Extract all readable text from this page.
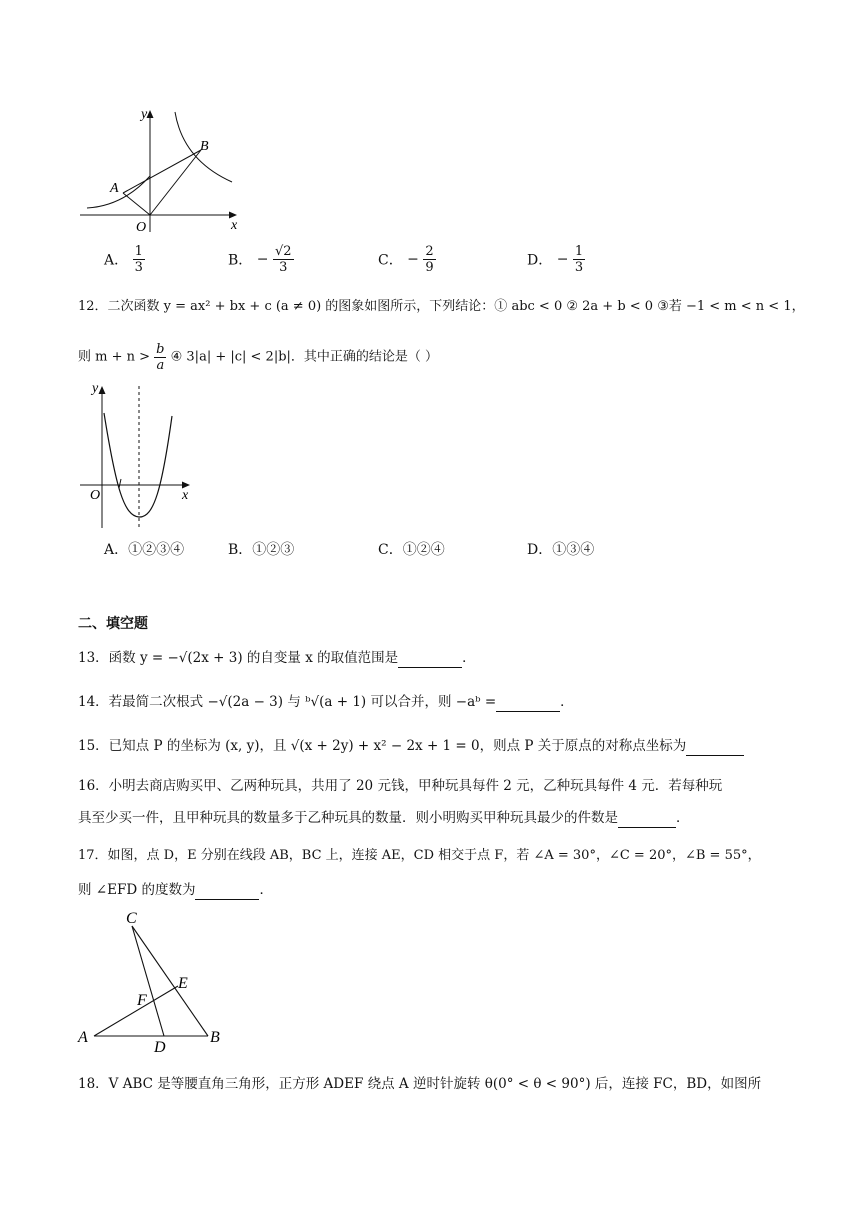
y
x
O
A
B
A． $\frac{1}{3}$	B． − $\frac{√2}{3}$	C． − $\frac{2}{9}$	D． − $\frac{1}{3}$
12．二次函数 y = ax² + bx + c (a ≠ 0) 的图象如图所示，下列结论：① abc < 0 ② 2a + b < 0 ③若 −1 < m < n < 1，
则 $m + n > \frac{b}{a}$ ④ 3|a| + |c| < 2|b|．其中正确的结论是（ ）
y
x
O
A．①②③④	B．①②③	C．①②④	D．①③④
二、填空题
13．函数 y = −√(2x + 3) 的自变量 x 的取值范围是	．
14．若最简二次根式 −√(2a − 3) 与 ᵇ√(a + 1) 可以合并，则 −aᵇ =	．
15．已知点 P 的坐标为 (x, y)，且 √(x + 2y) + x² − 2x + 1 = 0，则点 P 关于原点的对称点坐标为
16．小明去商店购买甲、乙两种玩具，共用了 20 元钱，甲种玩具每件 2 元，乙种玩具每件 4 元．若每种玩
具至少买一件，且甲种玩具的数量多于乙种玩具的数量．则小明购买甲种玩具最少的件数是	．
17．如图，点 D，E 分别在线段 AB，BC 上，连接 AE，CD 相交于点 F，若 ∠A = 30°，∠C = 20°，∠B = 55°，
则 ∠EFD 的度数为	．
C
E
F
A
D
B
18．V ABC 是等腰直角三角形，正方形 ADEF 绕点 A 逆时针旋转 θ(0° < θ < 90°) 后，连接 FC，BD，如图所
